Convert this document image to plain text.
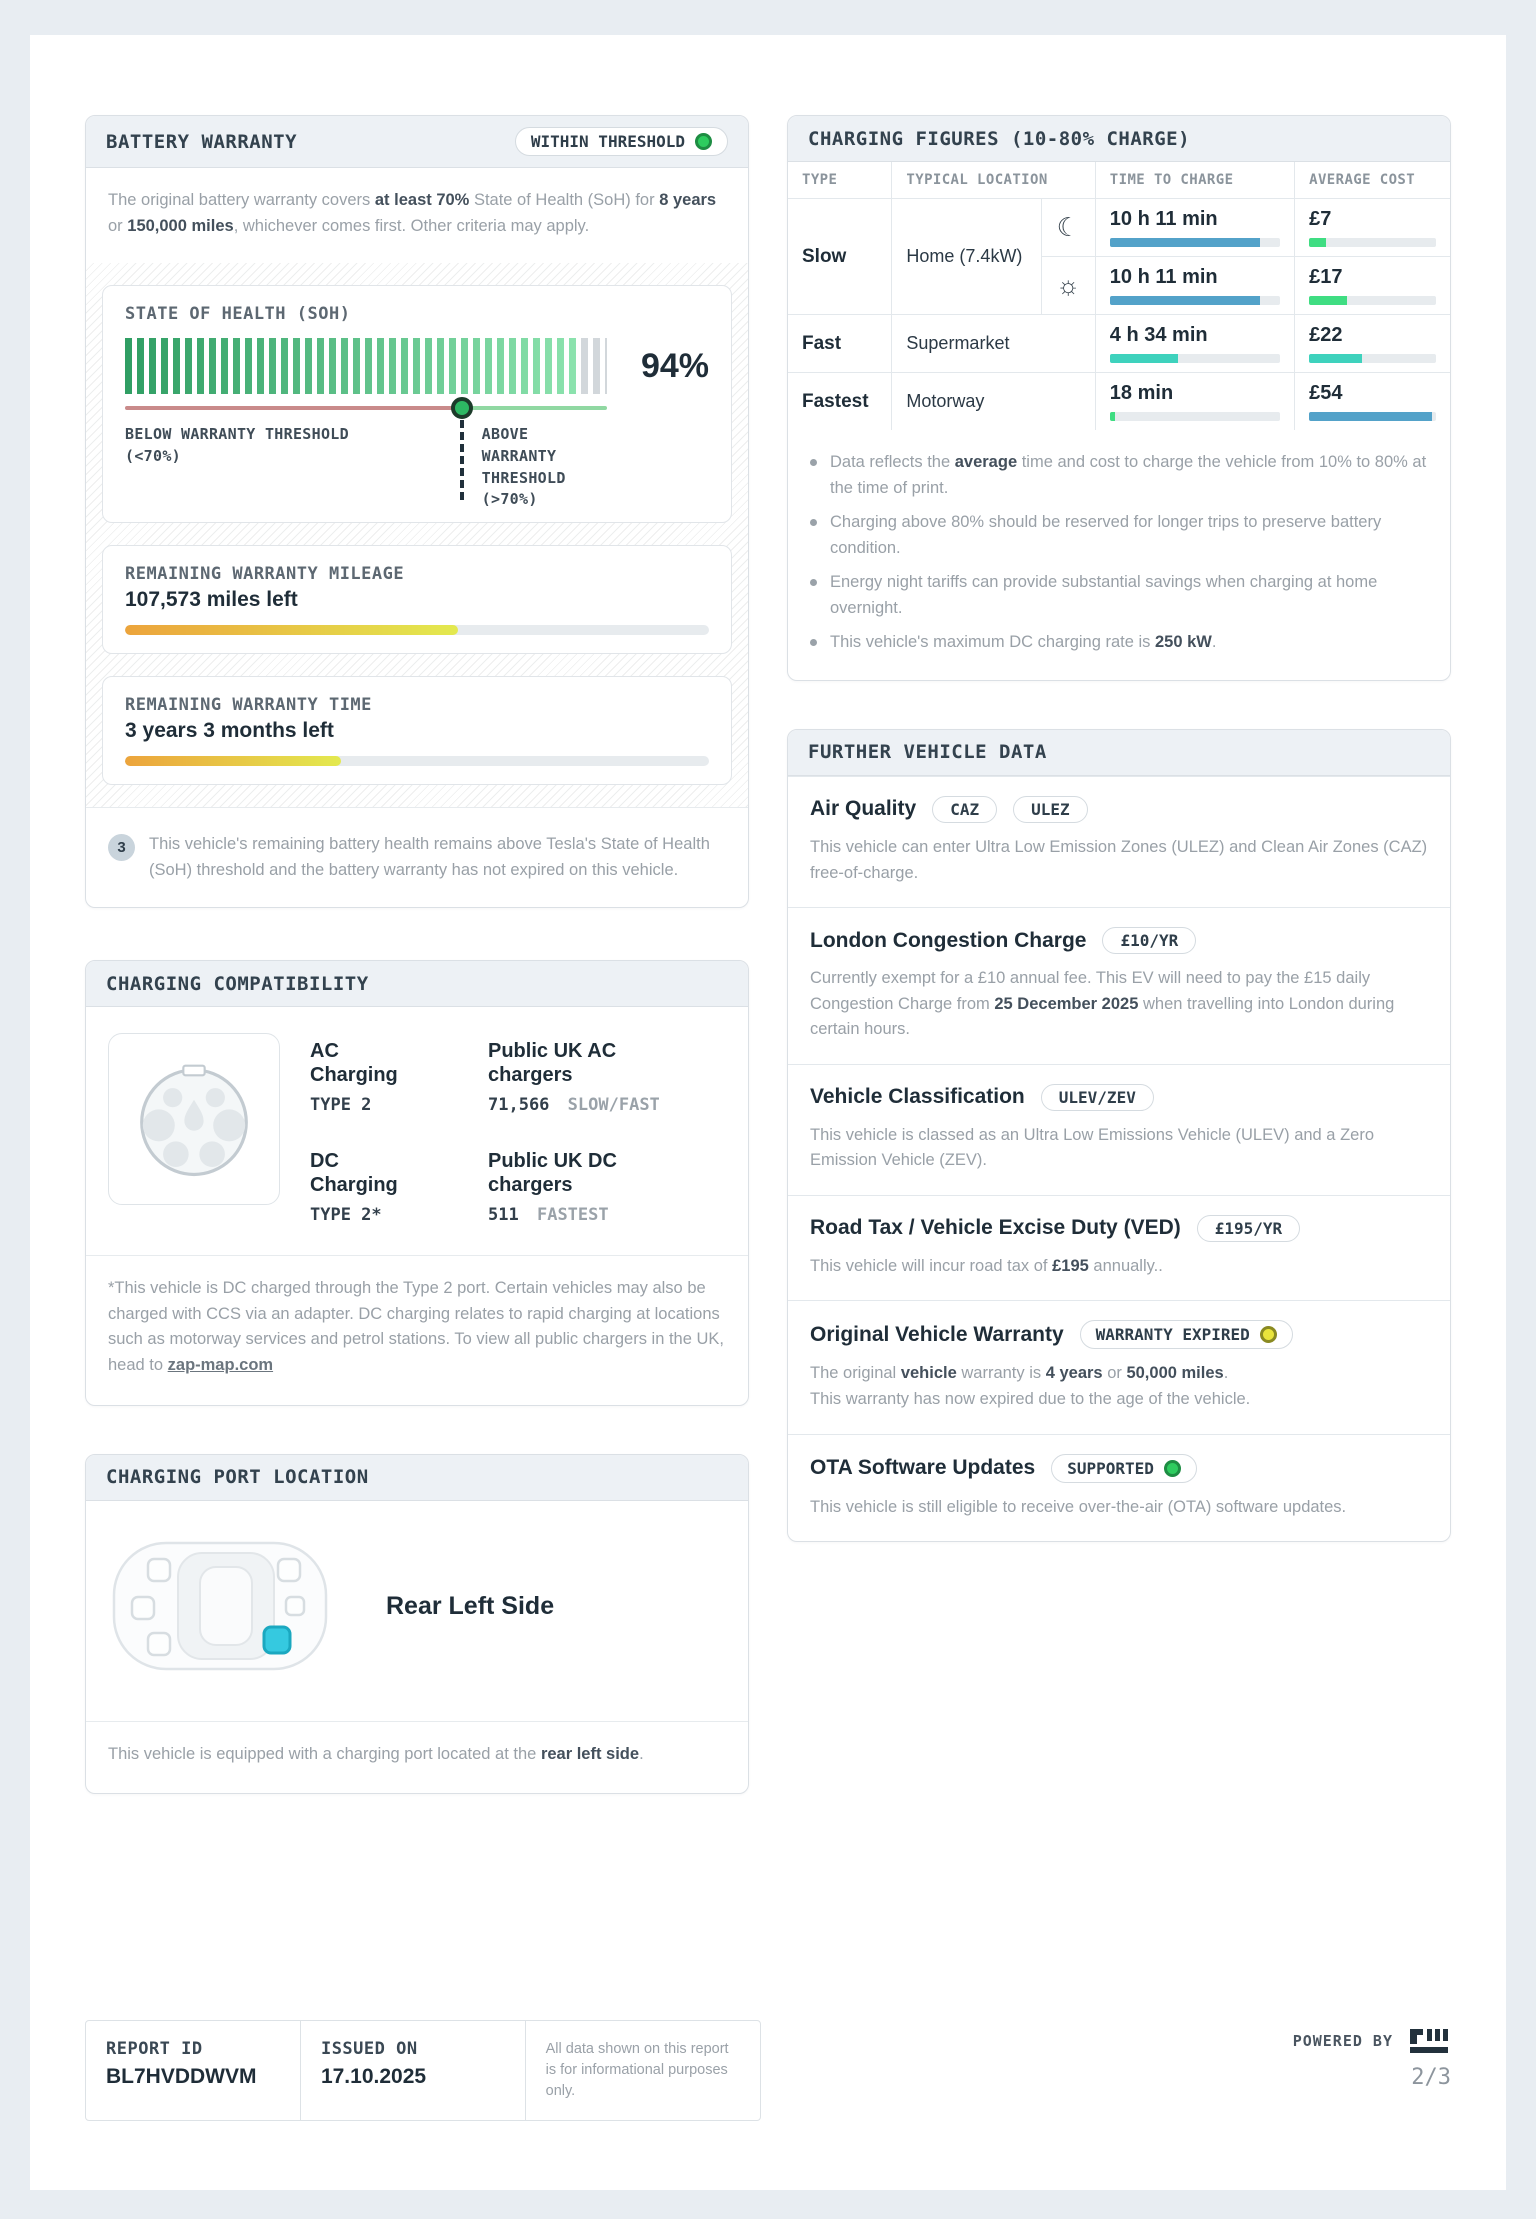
BATTERY WARRANTY	WITHIN THRESHOLD
The original battery warranty covers at least 70% State of Health (SoH) for 8 years or 150,000 miles, whichever comes first. Other criteria may apply.
STATE OF HEALTH (SOH)
94%
BELOW WARRANTY THRESHOLD
(<70%)
ABOVE WARRANTY
THRESHOLD (>70%)
REMAINING WARRANTY MILEAGE
107,573 miles left
REMAINING WARRANTY TIME
3 years 3 months left
3	This vehicle's remaining battery health remains above Tesla's State of Health (SoH) threshold and the battery warranty has not expired on this vehicle.
CHARGING COMPATIBILITY
AC Charging
TYPE 2
Public UK AC chargers
71,566 SLOW/FAST
DC Charging
TYPE 2*
Public UK DC chargers
511 FASTEST
*This vehicle is DC charged through the Type 2 port. Certain vehicles may also be charged with CCS via an adapter. DC charging relates to rapid charging at locations such as motorway services and petrol stations. To view all public chargers in the UK, head to zap-map.com
CHARGING PORT LOCATION
Rear Left Side
This vehicle is equipped with a charging port located at the rear left side.
CHARGING FIGURES (10-80% CHARGE)
TYPE	TYPICAL LOCATION		TIME TO CHARGE	AVERAGE COST
Slow	Home (7.4kW)	☾	10 h 11 min	£7

		☼	10 h 11 min	£17

Fast	Supermarket		4 h 34 min	£22

Fastest	Motorway		18 min	£54
Data reflects the average time and cost to charge the vehicle from 10% to 80% at the time of print.
Charging above 80% should be reserved for longer trips to preserve battery condition.
Energy night tariffs can provide substantial savings when charging at home overnight.
This vehicle's maximum DC charging rate is 250 kW.
FURTHER VEHICLE DATA
Air Quality	CAZ	ULEZ
This vehicle can enter Ultra Low Emission Zones (ULEZ) and Clean Air Zones (CAZ) free-of-charge.
London Congestion Charge	£10/YR
Currently exempt for a £10 annual fee. This EV will need to pay the £15 daily Congestion Charge from 25 December 2025 when travelling into London during certain hours.
Vehicle Classification	ULEV/ZEV
This vehicle is classed as an Ultra Low Emissions Vehicle (ULEV) and a Zero Emission Vehicle (ZEV).
Road Tax / Vehicle Excise Duty (VED)	£195/YR
This vehicle will incur road tax of £195 annually..
Original Vehicle Warranty WARRANTY EXPIRED
The original vehicle warranty is 4 years or 50,000 miles.
This warranty has now expired due to the age of the vehicle.
OTA Software Updates SUPPORTED
This vehicle is still eligible to receive over-the-air (OTA) software updates.
REPORT ID
BL7HVDDWVM
ISSUED ON
17.10.2025
All data shown on this report is for informational purposes only.
POWERED BY
2/3
